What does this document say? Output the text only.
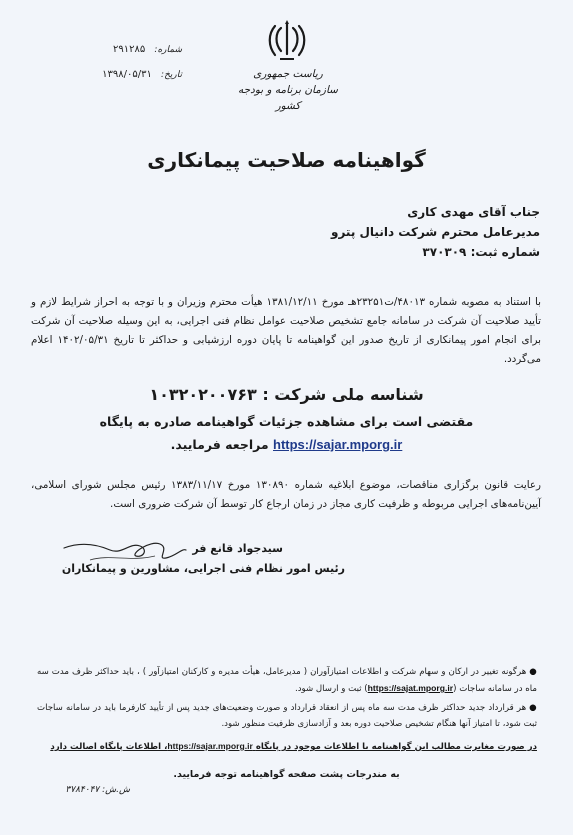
شماره: ۲۹۱۲۸۵
تاریخ: ۱۳۹۸/۰۵/۳۱	ریاست جمهوری
سازمان برنامه و بودجه کشور
گواهینامه صلاحیت پیمانکاری
جناب آقای مهدی کاری
مدیرعامل محترم شرکت دانیال پترو
شماره ثبت: ۳۷۰۳۰۹
با استناد به مصوبه شماره ۴۸۰۱۳/ت۲۳۲۵۱هـ مورخ ۱۳۸۱/۱۲/۱۱ هیأت محترم وزیران و با توجه به احراز شرایط لازم و تأیید صلاحیت آن شرکت در سامانه جامع تشخیص صلاحیت عوامل نظام فنی اجرایی، به این وسیله صلاحیت آن شرکت برای انجام امور پیمانکاری از تاریخ صدور این گواهینامه تا پایان دوره ارزشیابی و حداکثر تا تاریخ ۱۴۰۲/۰۵/۳۱ اعلام می‌گردد.
شناسه ملی شرکت : ۱۰۳۲۰۲۰۰۷۶۳
مقتضی است برای مشاهده جزئیات گواهینامه صادره به پایگاه
https://sajar.mporg.ir مراجعه فرمایید.
رعایت قانون برگزاری مناقصات، موضوع ابلاغیه شماره ۱۳۰۸۹۰ مورخ ۱۳۸۳/۱۱/۱۷ رئیس مجلس شورای اسلامی، آیین‌نامه‌های اجرایی مربوطه و ظرفیت کاری مجاز در زمان ارجاع کار توسط آن شرکت ضروری است.
سیدجواد قانع فر
رئیس امور نظام فنی اجرایی، مشاورین و پیمانکاران
●هرگونه تغییر در ارکان و سهام شرکت و اطلاعات امتیازآوران ( مدیرعامل، هیأت مدیره و کارکنان امتیازآور ) ، باید حداکثر ظرف مدت سه ماه در سامانه ساجات (https://sajat.mporg.ir) ثبت و ارسال شود.
●هر قرارداد جدید حداکثر ظرف مدت سه ماه پس از انعقاد قرارداد و صورت وضعیت‌های جدید پس از تأیید کارفرما باید در سامانه ساجات ثبت شود، تا امتیاز آنها هنگام تشخیص صلاحیت دوره بعد و آزادسازی ظرفیت منظور شود.
در صورت مغایرت مطالب این گواهینامه با اطلاعات موجود در پایگاه https://sajar.mporg.ir، اطلاعات پایگاه اصالت دارد
به مندرجات پشت صفحه گواهینامه توجه فرمایید.
ش.ش: ۳۷۸۴۰۴۷
